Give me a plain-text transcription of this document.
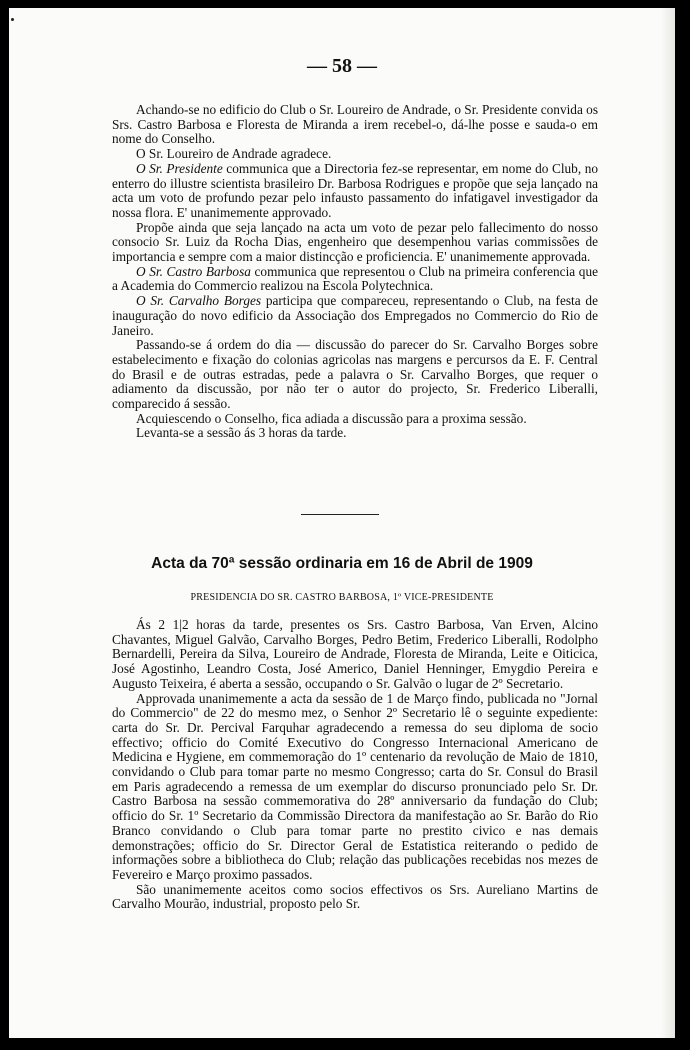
— 58 —

Achando-se no edificio do Club o Sr. Loureiro de Andrade, o Sr. Presidente convida os Srs. Castro Barbosa e Floresta de Miranda a irem recebel-o, dá-lhe posse e sauda-o em nome do Conselho.

O Sr. Loureiro de Andrade agradece.

O Sr. Presidente communica que a Directoria fez-se representar, em nome do Club, no enterro do illustre scientista brasileiro Dr. Barbosa Rodrigues e propõe que seja lançado na acta um voto de profundo pezar pelo infausto passamento do infatigavel investigador da nossa flora. E' unanimemente approvado.

Propõe ainda que seja lançado na acta um voto de pezar pelo fallecimento do nosso consocio Sr. Luiz da Rocha Dias, engenheiro que desempenhou varias commissões de importancia e sempre com a maior distincção e proficiencia. E' unanimemente approvada.

O Sr. Castro Barbosa communica que representou o Club na primeira conferencia que a Academia do Commercio realizou na Escola Polytechnica.

O Sr. Carvalho Borges participa que compareceu, representando o Club, na festa de inauguração do novo edificio da Associação dos Empregados no Commercio do Rio de Janeiro.

Passando-se á ordem do dia — discussão do parecer do Sr. Carvalho Borges sobre estabelecimento e fixação do colonias agricolas nas margens e percursos da E. F. Central do Brasil e de outras estradas, pede a palavra o Sr. Carvalho Borges, que requer o adiamento da discussão, por não ter o autor do projecto, Sr. Frederico Liberalli, comparecido á sessão.

Acquiescendo o Conselho, fica adiada a discussão para a proxima sessão.

Levanta-se a sessão ás 3 horas da tarde.

Acta da 70ª sessão ordinaria em 16 de Abril de 1909
PRESIDENCIA DO SR. CASTRO BARBOSA, 1º VICE-PRESIDENTE

Ás 2 1|2 horas da tarde, presentes os Srs. Castro Barbosa, Van Erven, Alcino Chavantes, Miguel Galvão, Carvalho Borges, Pedro Betim, Frederico Liberalli, Rodolpho Bernardelli, Pereira da Silva, Loureiro de Andrade, Floresta de Miranda, Leite e Oiticica, José Agostinho, Leandro Costa, José Americo, Daniel Henninger, Emygdio Pereira e Augusto Teixeira, é aberta a sessão, occupando o Sr. Galvão o lugar de 2º Secretario.

Approvada unanimemente a acta da sessão de 1 de Março findo, publicada no "Jornal do Commercio" de 22 do mesmo mez, o Senhor 2º Secretario lê o seguinte expediente: carta do Sr. Dr. Percival Farquhar agradecendo a remessa do seu diploma de socio effectivo; officio do Comité Executivo do Congresso Internacional Americano de Medicina e Hygiene, em commemoração do 1º centenario da revolução de Maio de 1810, convidando o Club para tomar parte no mesmo Congresso; carta do Sr. Consul do Brasil em Paris agradecendo a remessa de um exemplar do discurso pronunciado pelo Sr. Dr. Castro Barbosa na sessão commemorativa do 28º anniversario da fundação do Club; officio do Sr. 1º Secretario da Commissão Directora da manifestação ao Sr. Barão do Rio Branco convidando o Club para tomar parte no prestito civico e nas demais demonstrações; officio do Sr. Director Geral de Estatistica reiterando o pedido de informações sobre a bibliotheca do Club; relação das publicações recebidas nos mezes de Fevereiro e Março proximo passados.

São unanimemente aceitos como socios effectivos os Srs. Aureliano Martins de Carvalho Mourão, industrial, proposto pelo Sr.
